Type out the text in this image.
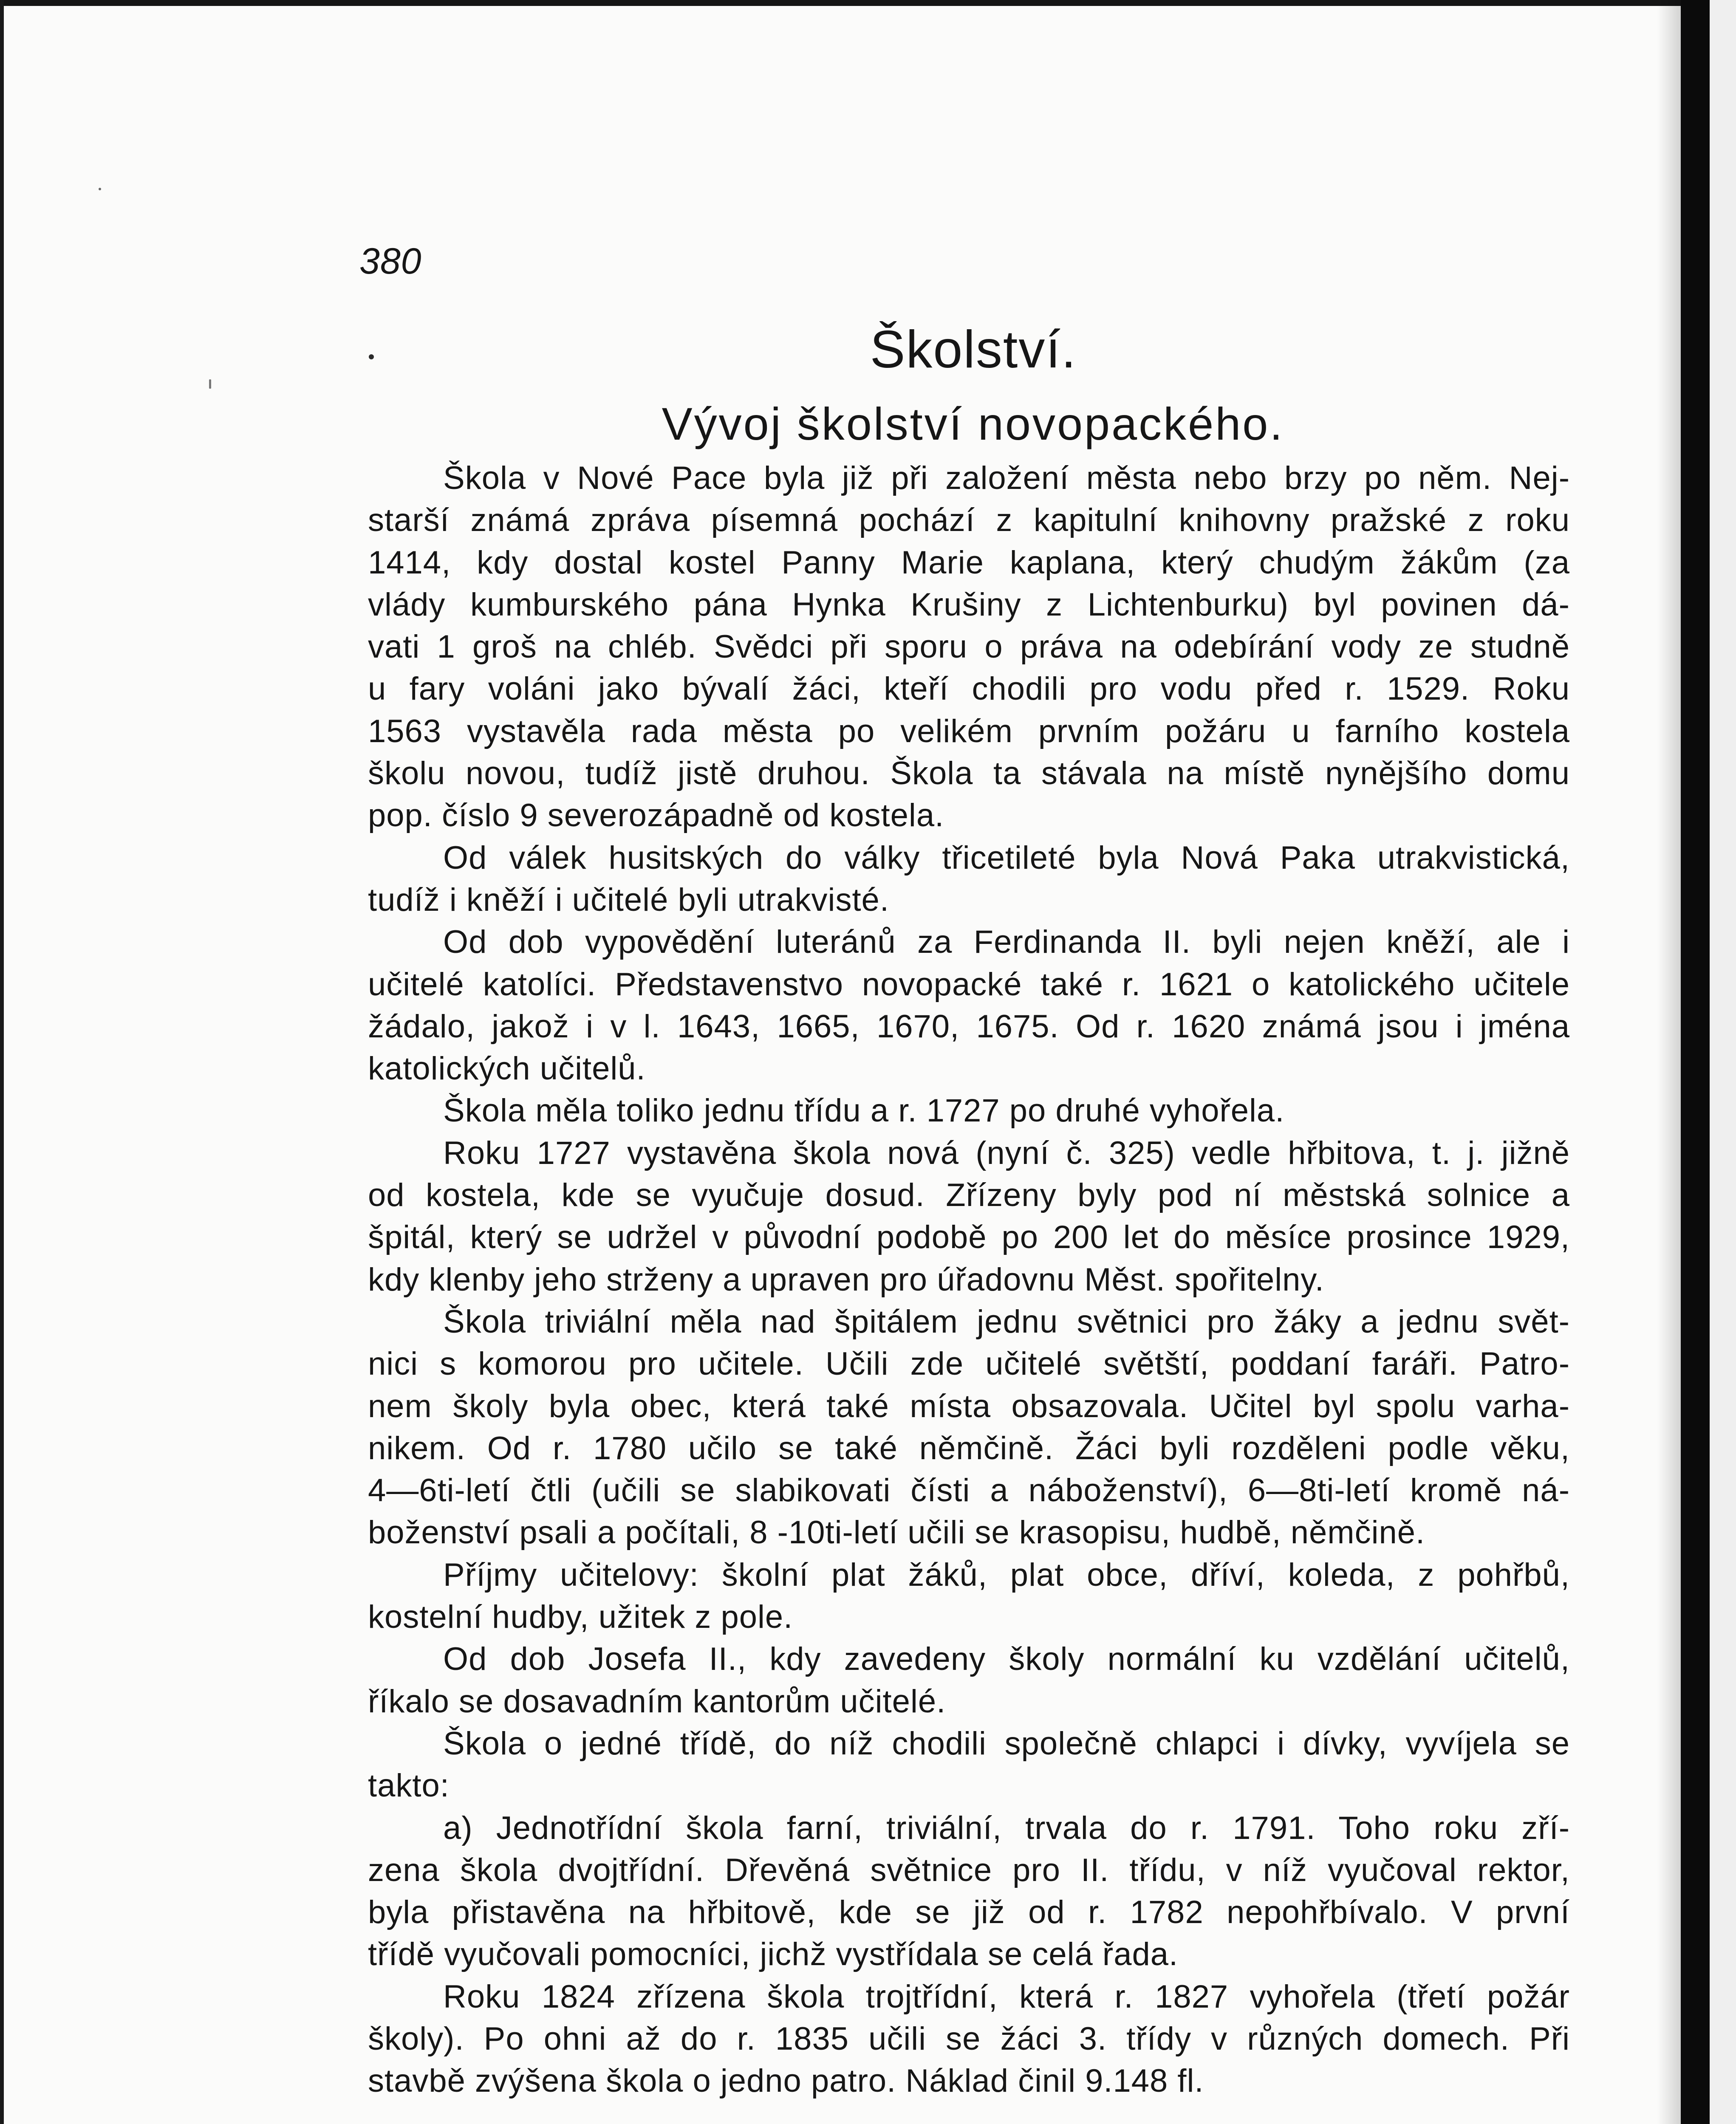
380
Školství.
Vývoj školství novopackého.
Škola v Nové Pace byla již při založení města nebo brzy po něm. Nej-
starší známá zpráva písemná pochází z kapitulní knihovny pražské z roku
1414, kdy dostal kostel Panny Marie kaplana, který chudým žákům (za
vlády kumburského pána Hynka Krušiny z Lichtenburku) byl povinen dá-
vati 1 groš na chléb. Svědci při sporu o práva na odebírání vody ze studně
u fary voláni jako bývalí žáci, kteří chodili pro vodu před r. 1529. Roku
1563 vystavěla rada města po velikém prvním požáru u farního kostela
školu novou, tudíž jistě druhou. Škola ta stávala na místě nynějšího domu
pop. číslo 9 severozápadně od kostela.
Od válek husitských do války třicetileté byla Nová Paka utrakvistická,
tudíž i kněží i učitelé byli utrakvisté.
Od dob vypovědění luteránů za Ferdinanda II. byli nejen kněží, ale i
učitelé katolíci. Představenstvo novopacké také r. 1621 o katolického učitele
žádalo, jakož i v l. 1643, 1665, 1670, 1675. Od r. 1620 známá jsou i jména
katolických učitelů.
Škola měla toliko jednu třídu a r. 1727 po druhé vyhořela.
Roku 1727 vystavěna škola nová (nyní č. 325) vedle hřbitova, t. j. jižně
od kostela, kde se vyučuje dosud. Zřízeny byly pod ní městská solnice a
špitál, který se udržel v původní podobě po 200 let do měsíce prosince 1929,
kdy klenby jeho strženy a upraven pro úřadovnu Měst. spořitelny.
Škola triviální měla nad špitálem jednu světnici pro žáky a jednu svět-
nici s komorou pro učitele. Učili zde učitelé světští, poddaní faráři. Patro-
nem školy byla obec, která také místa obsazovala. Učitel byl spolu varha-
nikem. Od r. 1780 učilo se také němčině. Žáci byli rozděleni podle věku,
4—6ti-letí čtli (učili se slabikovati čísti a náboženství), 6—8ti-letí kromě ná-
boženství psali a počítali, 8 -10ti-letí učili se krasopisu, hudbě, němčině.
Příjmy učitelovy: školní plat žáků, plat obce, dříví, koleda, z pohřbů,
kostelní hudby, užitek z pole.
Od dob Josefa II., kdy zavedeny školy normální ku vzdělání učitelů,
říkalo se dosavadním kantorům učitelé.
Škola o jedné třídě, do níž chodili společně chlapci i dívky, vyvíjela se
takto:
a) Jednotřídní škola farní, triviální, trvala do r. 1791. Toho roku zří-
zena škola dvojtřídní. Dřevěná světnice pro II. třídu, v níž vyučoval rektor,
byla přistavěna na hřbitově, kde se již od r. 1782 nepohřbívalo. V první
třídě vyučovali pomocníci, jichž vystřídala se celá řada.
Roku 1824 zřízena škola trojtřídní, která r. 1827 vyhořela (třetí požár
školy). Po ohni až do r. 1835 učili se žáci 3. třídy v různých domech. Při
stavbě zvýšena škola o jedno patro. Náklad činil 9.148 fl.
